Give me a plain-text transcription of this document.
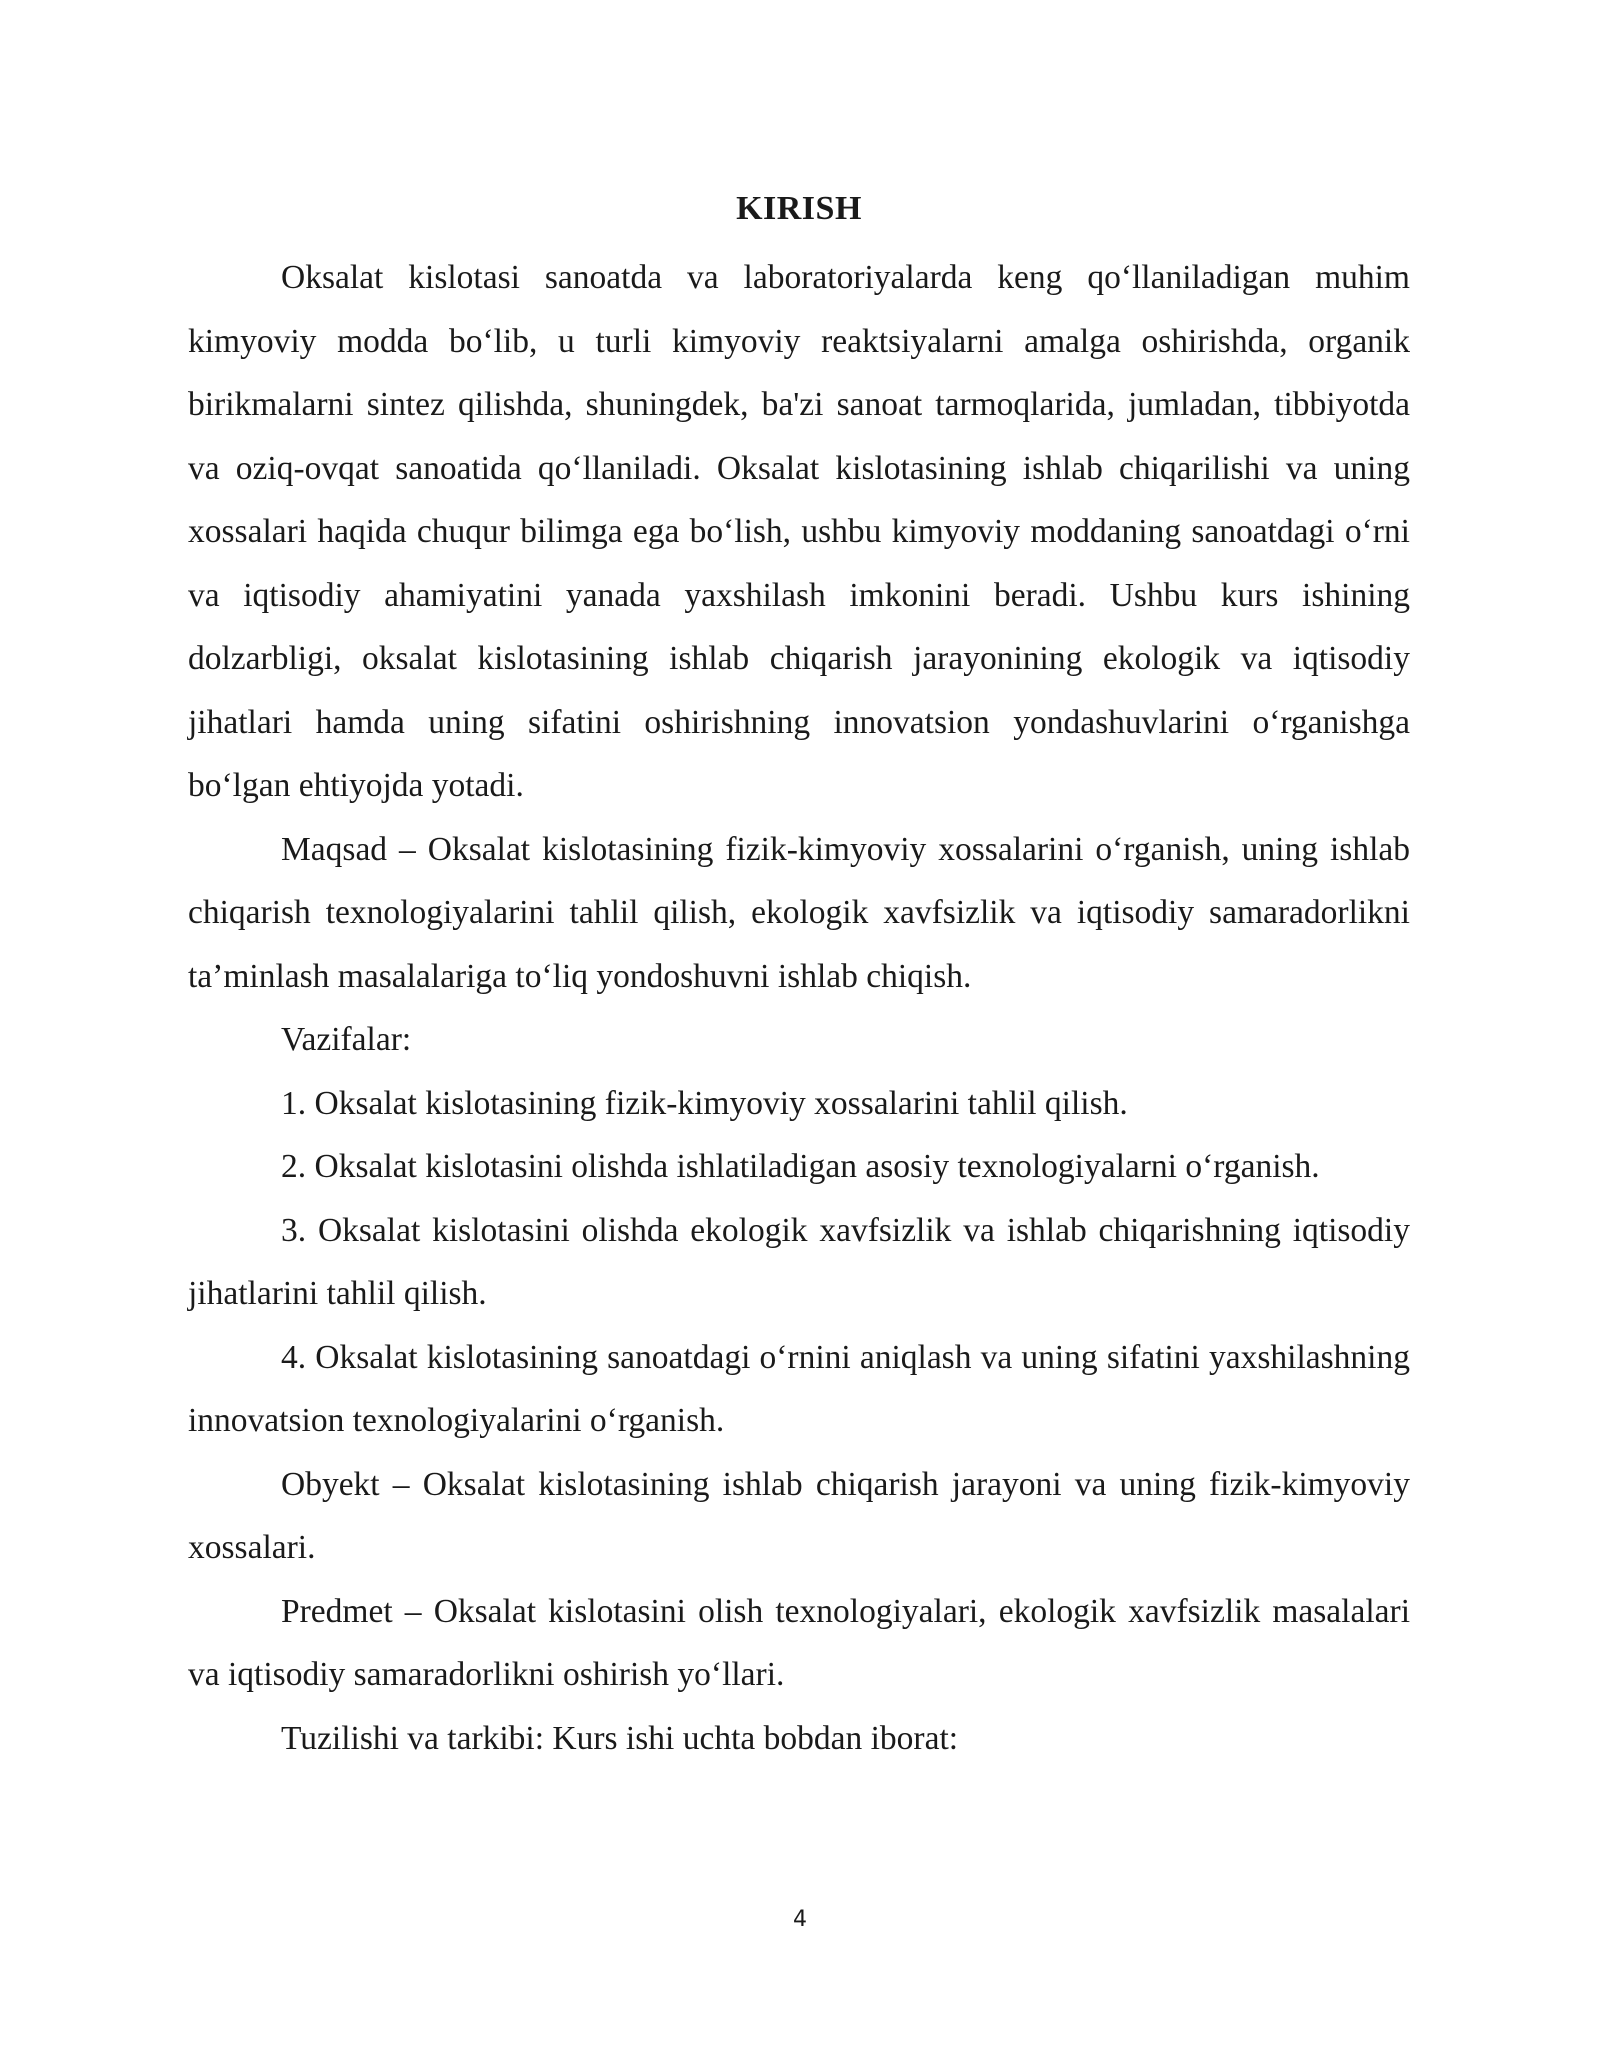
KIRISH

Oksalat kislotasi sanoatda va laboratoriyalarda keng qo‘llaniladigan muhim kimyoviy modda bo‘lib, u turli kimyoviy reaktsiyalarni amalga oshirishda, organik birikmalarni sintez qilishda, shuningdek, ba'zi sanoat tarmoqlarida, jumladan, tibbiyotda va oziq-ovqat sanoatida qo‘llaniladi. Oksalat kislotasining ishlab chiqarilishi va uning xossalari haqida chuqur bilimga ega bo‘lish, ushbu kimyoviy moddaning sanoatdagi o‘rni va iqtisodiy ahamiyatini yanada yaxshilash imkonini beradi. Ushbu kurs ishining dolzarbligi, oksalat kislotasining ishlab chiqarish jarayonining ekologik va iqtisodiy jihatlari hamda uning sifatini oshirishning innovatsion yondashuvlarini o‘rganishga bo‘lgan ehtiyojda yotadi.

Maqsad – Oksalat kislotasining fizik-kimyoviy xossalarini o‘rganish, uning ishlab chiqarish texnologiyalarini tahlil qilish, ekologik xavfsizlik va iqtisodiy samaradorlikni ta’minlash masalalariga to‘liq yondoshuvni ishlab chiqish.

Vazifalar:

1. Oksalat kislotasining fizik-kimyoviy xossalarini tahlil qilish.

2. Oksalat kislotasini olishda ishlatiladigan asosiy texnologiyalarni o‘rganish.

3. Oksalat kislotasini olishda ekologik xavfsizlik va ishlab chiqarishning iqtisodiy jihatlarini tahlil qilish.

4. Oksalat kislotasining sanoatdagi o‘rnini aniqlash va uning sifatini yaxshilashning innovatsion texnologiyalarini o‘rganish.

Obyekt – Oksalat kislotasining ishlab chiqarish jarayoni va uning fizik-kimyoviy xossalari.

Predmet – Oksalat kislotasini olish texnologiyalari, ekologik xavfsizlik masalalari va iqtisodiy samaradorlikni oshirish yo‘llari.

Tuzilishi va tarkibi: Kurs ishi uchta bobdan iborat:

4
